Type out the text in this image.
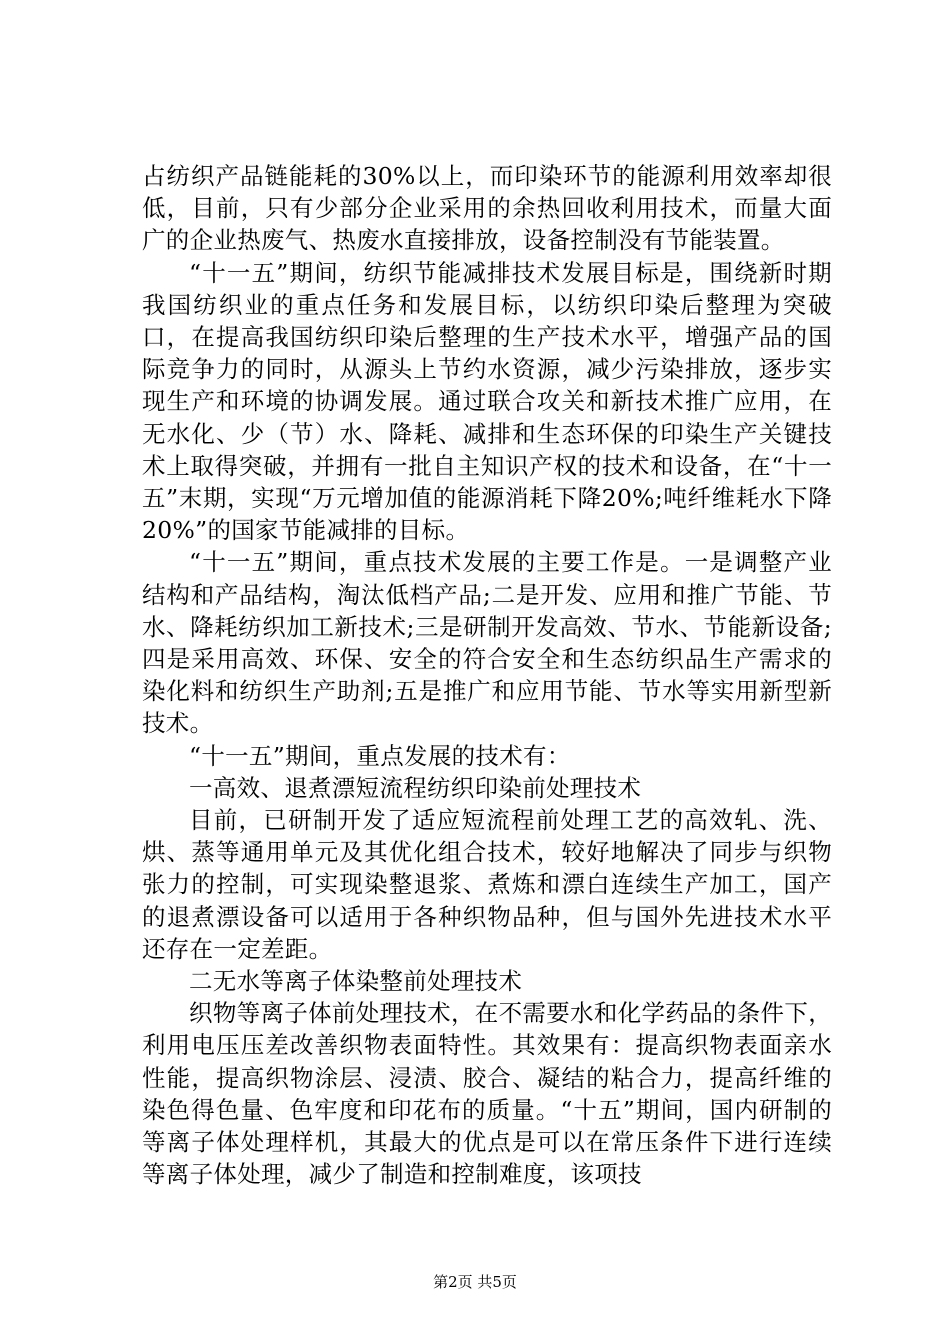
占纺织产品链能耗的30%以上，而印染环节的能源利用效率却很低，目前，只有少部分企业采用的余热回收利用技术，而量大面广的企业热废气、热废水直接排放，设备控制没有节能装置。

“十一五”期间，纺织节能减排技术发展目标是，围绕新时期我国纺织业的重点任务和发展目标，以纺织印染后整理为突破口，在提高我国纺织印染后整理的生产技术水平，增强产品的国际竞争力的同时，从源头上节约水资源，减少污染排放，逐步实现生产和环境的协调发展。通过联合攻关和新技术推广应用，在无水化、少（节）水、降耗、减排和生态环保的印染生产关键技术上取得突破，并拥有一批自主知识产权的技术和设备，在“十一五”末期，实现“万元增加值的能源消耗下降20%;吨纤维耗水下降20%”的国家节能减排的目标。

“十一五”期间，重点技术发展的主要工作是。一是调整产业结构和产品结构，淘汰低档产品;二是开发、应用和推广节能、节水、降耗纺织加工新技术;三是研制开发高效、节水、节能新设备;四是采用高效、环保、安全的符合安全和生态纺织品生产需求的染化料和纺织生产助剂;五是推广和应用节能、节水等实用新型新技术。

“十一五”期间，重点发展的技术有：

一高效、退煮漂短流程纺织印染前处理技术

目前，已研制开发了适应短流程前处理工艺的高效轧、洗、烘、蒸等通用单元及其优化组合技术，较好地解决了同步与织物张力的控制，可实现染整退浆、煮炼和漂白连续生产加工，国产的退煮漂设备可以适用于各种织物品种，但与国外先进技术水平还存在一定差距。

二无水等离子体染整前处理技术

织物等离子体前处理技术，在不需要水和化学药品的条件下，利用电压压差改善织物表面特性。其效果有：提高织物表面亲水性能，提高织物涂层、浸渍、胶合、凝结的粘合力，提高纤维的染色得色量、色牢度和印花布的质量。“十五”期间，国内研制的等离子体处理样机，其最大的优点是可以在常压条件下进行连续等离子体处理，减少了制造和控制难度，该项技

第2页 共5页
